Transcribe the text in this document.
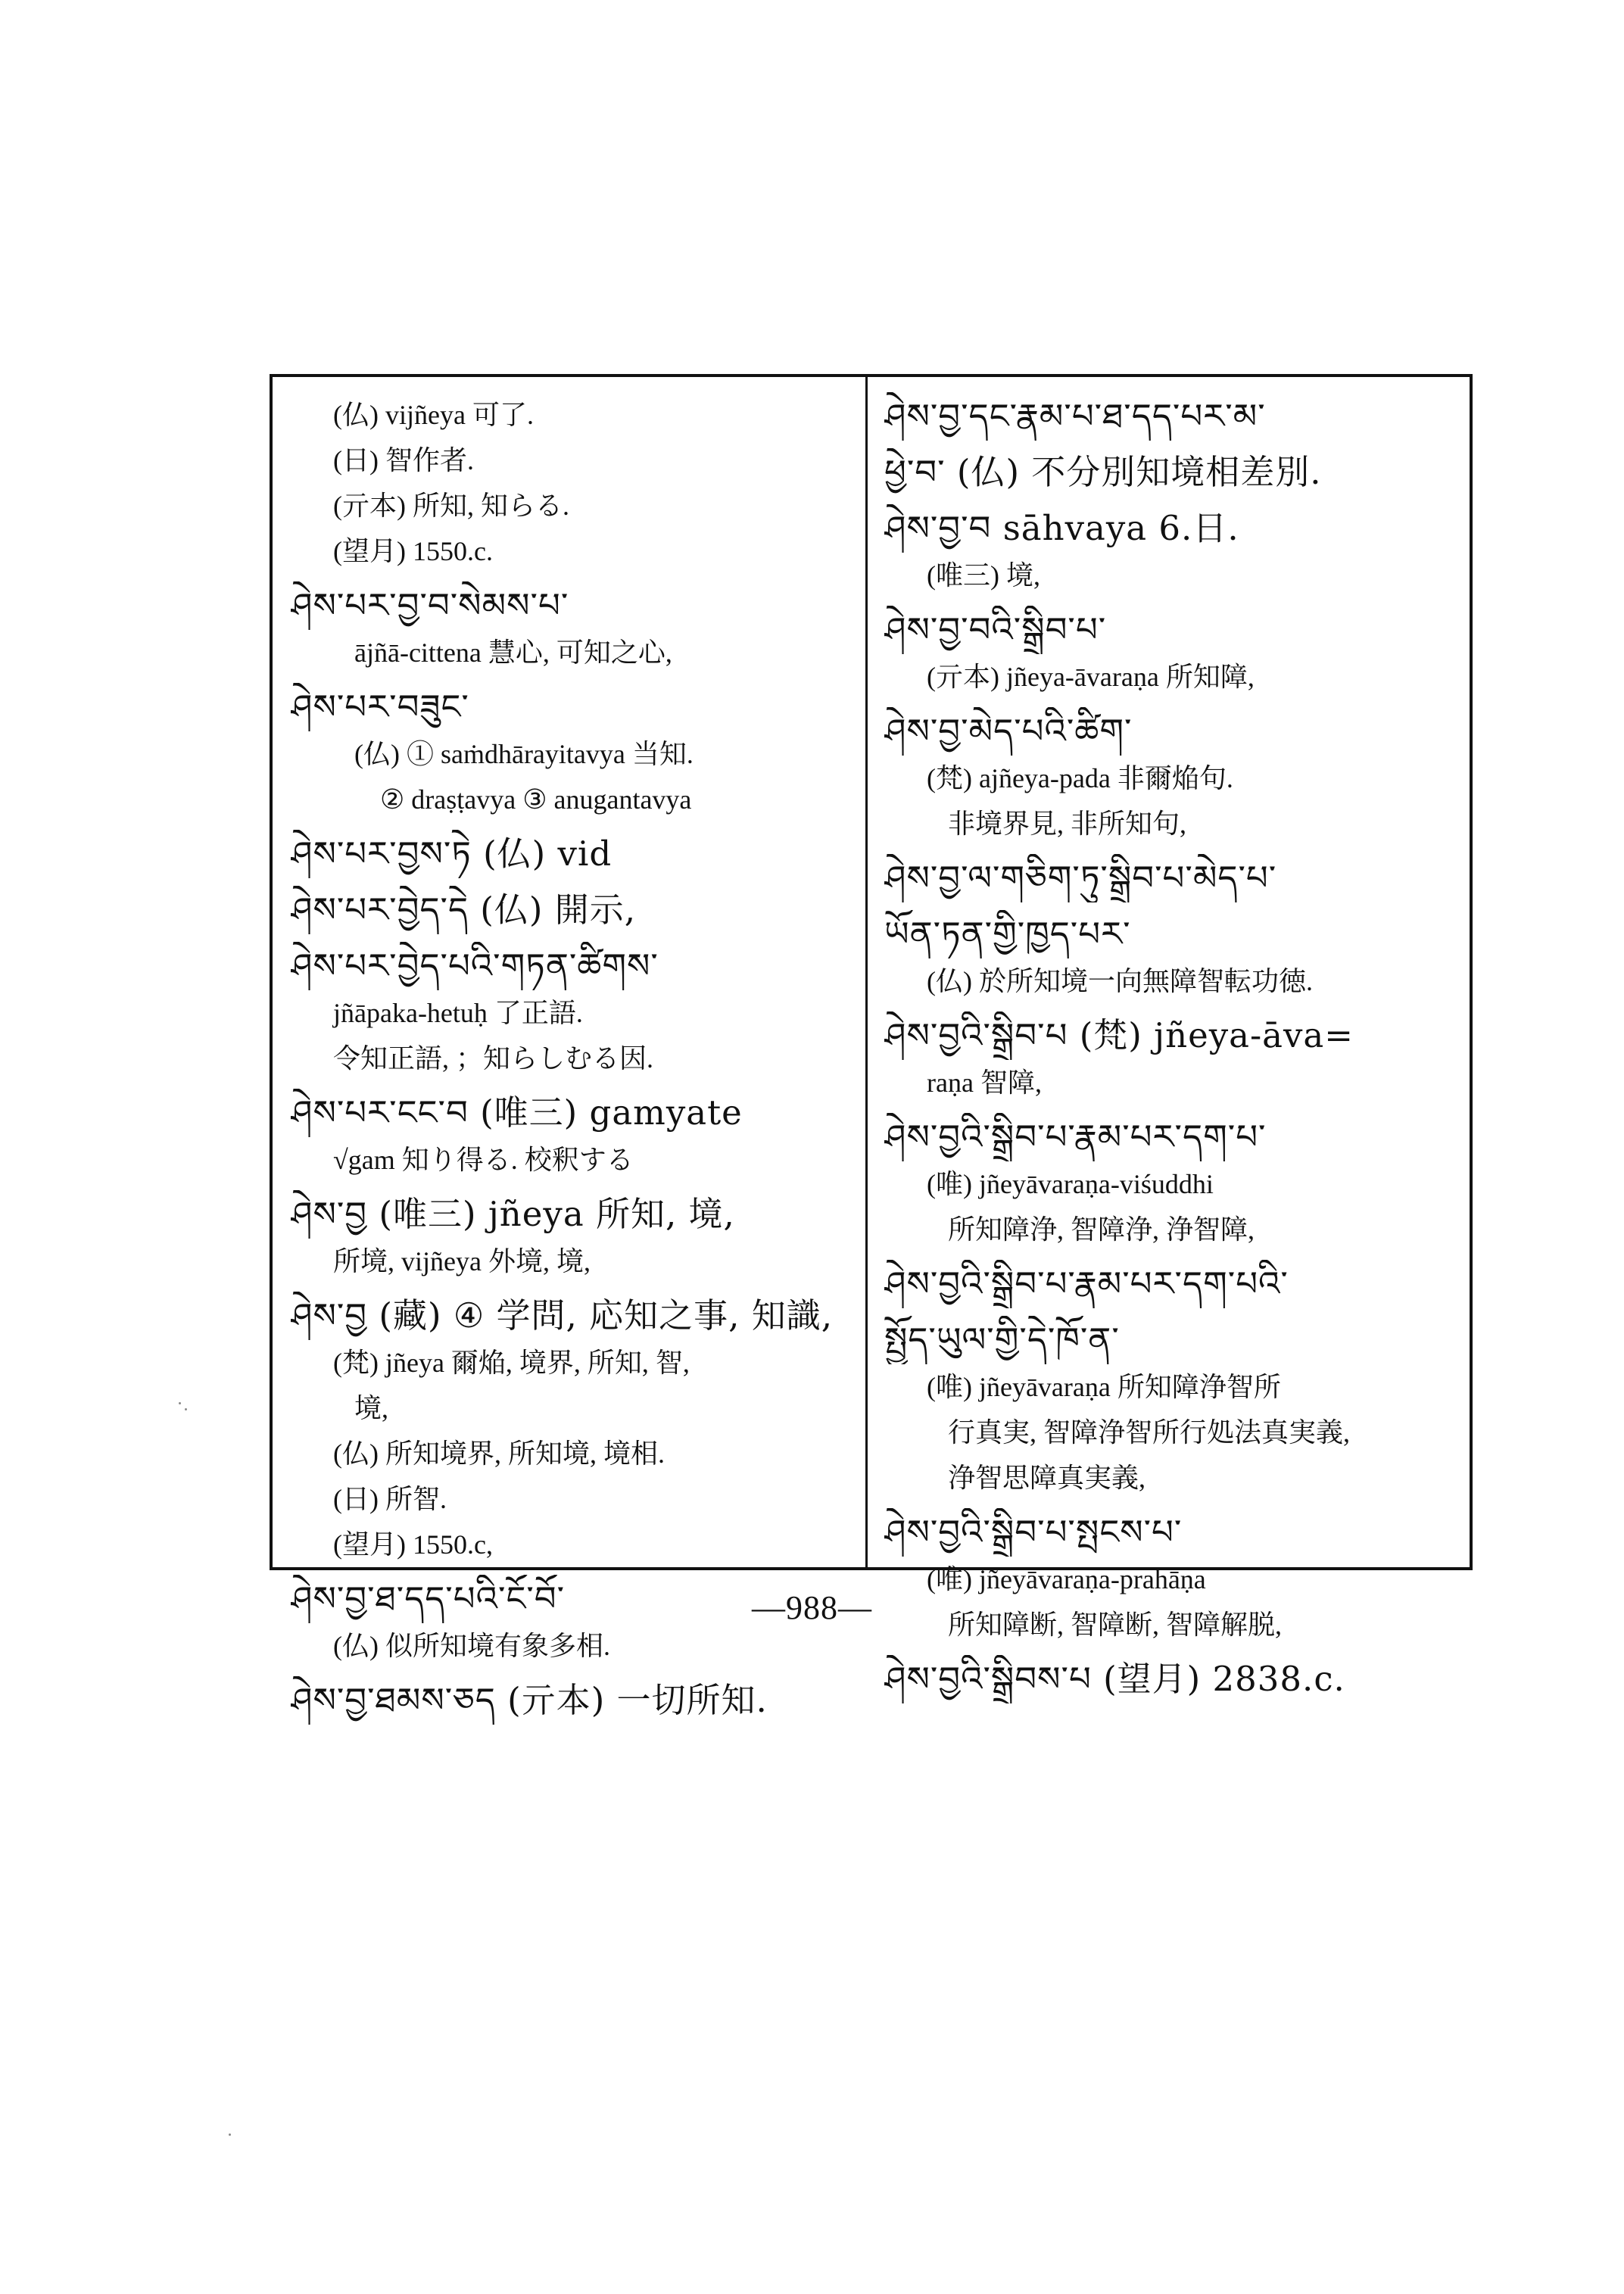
(仏) vijñeya 可了.
(日) 智作者.
(亓本) 所知, 知らる.
(望月) 1550.c.
ཤེས་པར་བྱ་བ་སེམས་པ་
ājñā-cittena 慧心, 可知之心,
ཤེས་པར་བཟུང་
(仏) ① saṁdhārayitavya 当知.
② draṣṭavya ③ anugantavya
ཤེས་པར་བྱས་ཏེ (仏) vid
ཤེས་པར་བྱེད་དེ (仏) 開示,
ཤེས་པར་བྱེད་པའི་གཏན་ཚིགས་
jñāpaka-hetuḥ 了正語.
令知正語, ；知らしむる因.
ཤེས་པར་ངང་བ (唯三) gamyate
√gam 知り得る. 校釈する
ཤེས་བྱ (唯三) jñeya 所知, 境,
所境, vijñeya 外境, 境,
ཤེས་བྱ (藏) ④ 学問, 応知之事, 知識,
(梵) jñeya 爾焔, 境界, 所知, 智,
境,
(仏) 所知境界, 所知境, 境相.
(日) 所智.
(望月) 1550.c,
ཤེས་བྱ་ཐ་དད་པའི་ངོ་བོ་
(仏) 似所知境有象多相.
ཤེས་བྱ་ཐམས་ཅད (亓本) 一切所知.
ཤེས་བྱ་དང་རྣམ་པ་ཐ་དད་པར་མ་
ཕྱེ་བ་ (仏) 不分別知境相差別.
ཤེས་བྱ་བ sāhvaya 6.日.
(唯三) 境,
ཤེས་བྱ་བའི་སྒྲིབ་པ་
(亓本) jñeya-āvaraṇa 所知障,
ཤེས་བྱ་མེད་པའི་ཚིག་
(梵) ajñeya-pada 非爾焔句.
非境界見, 非所知句,
ཤེས་བྱ་ལ་གཅིག་ཏུ་སྒྲིབ་པ་མེད་པ་
ཡོན་ཏན་གྱི་ཁྱད་པར་
(仏) 於所知境一向無障智転功徳.
ཤེས་བྱའི་སྒྲིབ་པ (梵) jñeya-āva=
raṇa 智障,
ཤེས་བྱའི་སྒྲིབ་པ་རྣམ་པར་དག་པ་
(唯) jñeyāvaraṇa-viśuddhi
所知障浄, 智障浄, 浄智障,
ཤེས་བྱའི་སྒྲིབ་པ་རྣམ་པར་དག་པའི་
སྤྱོད་ཡུལ་གྱི་དེ་ཁོ་ན་
(唯) jñeyāvaraṇa 所知障浄智所
行真実, 智障浄智所行処法真実義,
浄智思障真実義,
ཤེས་བྱའི་སྒྲིབ་པ་སྤངས་པ་
(唯) jñeyāvaraṇa-prahāṇa
所知障断, 智障断, 智障解脱,
ཤེས་བྱའི་སྒྲིབས་པ (望月) 2838.c.
—988—
